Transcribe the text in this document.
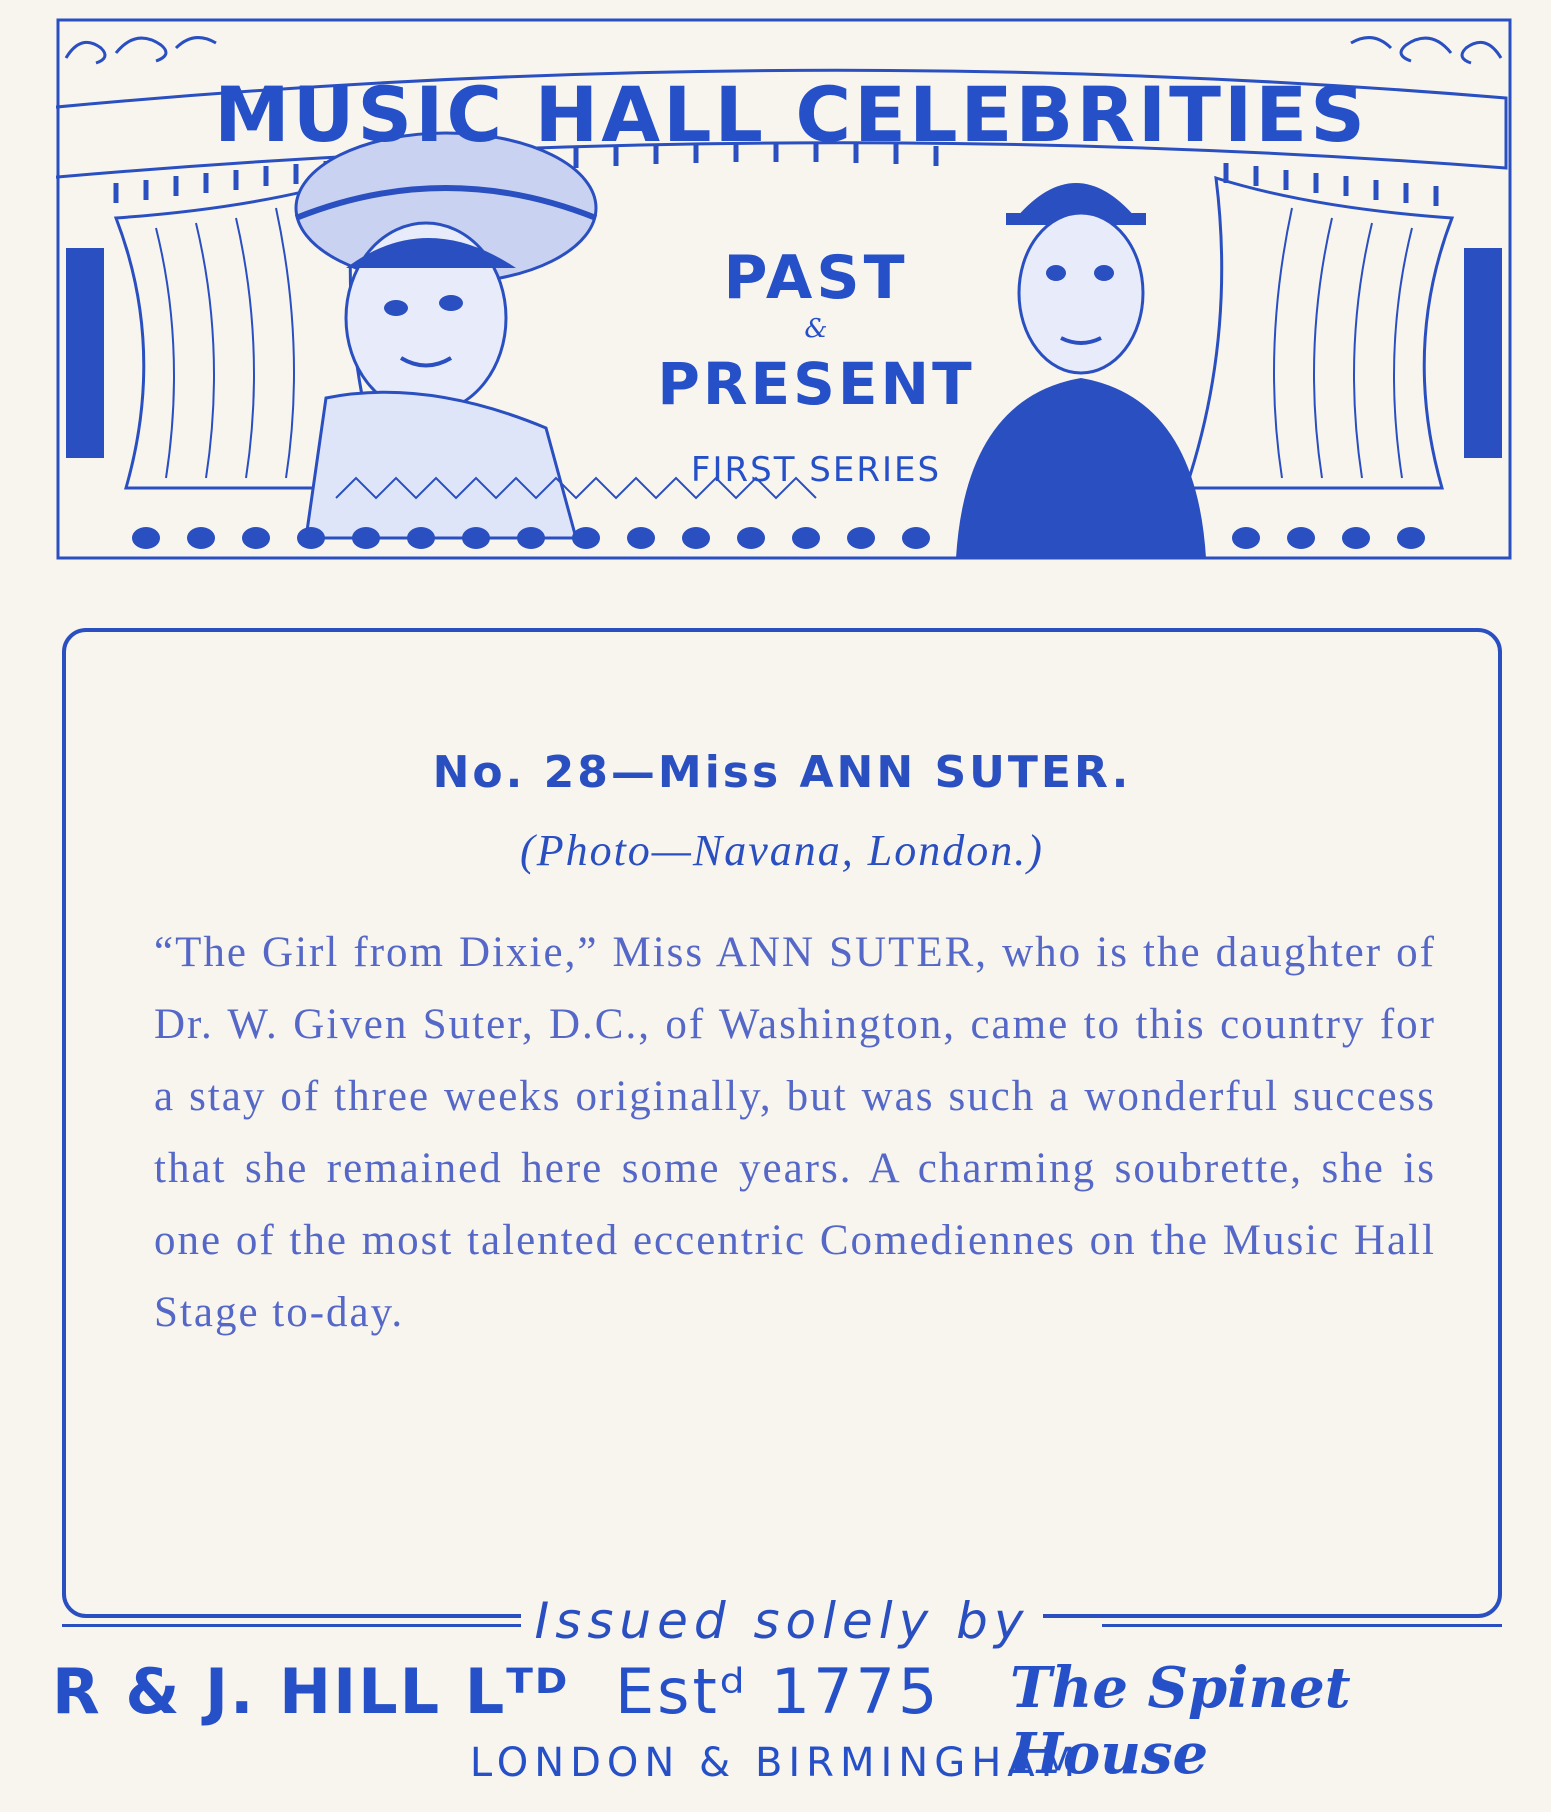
MUSIC HALL CELEBRITIES
PAST
&
PRESENT
FIRST SERIES
No. 28—Miss ANN SUTER.
(Photo—Navana, London.)
“The Girl from Dixie,” Miss ANN SUTER, who is the daughter of Dr. W. Given Suter, D.C., of Washington, came to this country for a stay of three weeks originally, but was such a wonderful success that she remained here some years. A charming soubrette, she is one of the most talented eccentric Comediennes on the Music Hall Stage to-day.
Issued solely by
R & J. HILL Lᵀᴰ Estᵈ 1775 The Spinet House
LONDON & BIRMINGHAM
